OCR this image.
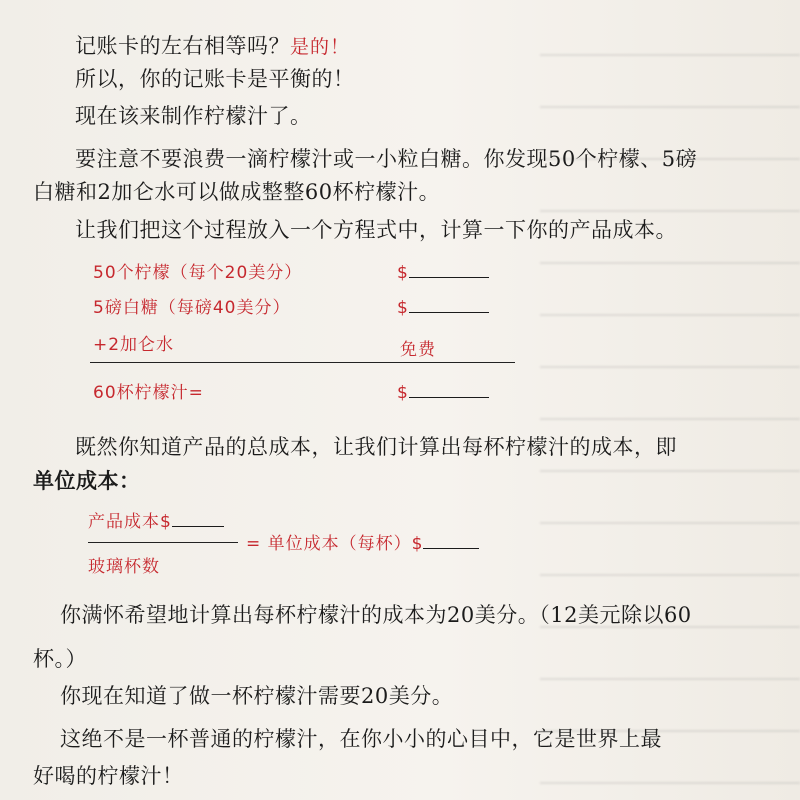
记账卡的左右相等吗？是的！
所以，你的记账卡是平衡的！
现在该来制作柠檬汁了。
要注意不要浪费一滴柠檬汁或一小粒白糖。你发现50个柠檬、5磅
白糖和2加仑水可以做成整整60杯柠檬汁。
让我们把这个过程放入一个方程式中，计算一下你的产品成本。
50个柠檬（每个20美分）	$
5磅白糖（每磅40美分）	$
+2加仑水	免费
60杯柠檬汁=	$
既然你知道产品的总成本，让我们计算出每杯柠檬汁的成本，即
单位成本：
产品成本$
= 单位成本（每杯）$
玻璃杯数
你满怀希望地计算出每杯柠檬汁的成本为20美分。（12美元除以60
杯。）
你现在知道了做一杯柠檬汁需要20美分。
这绝不是一杯普通的柠檬汁，在你小小的心目中，它是世界上最
好喝的柠檬汁！
